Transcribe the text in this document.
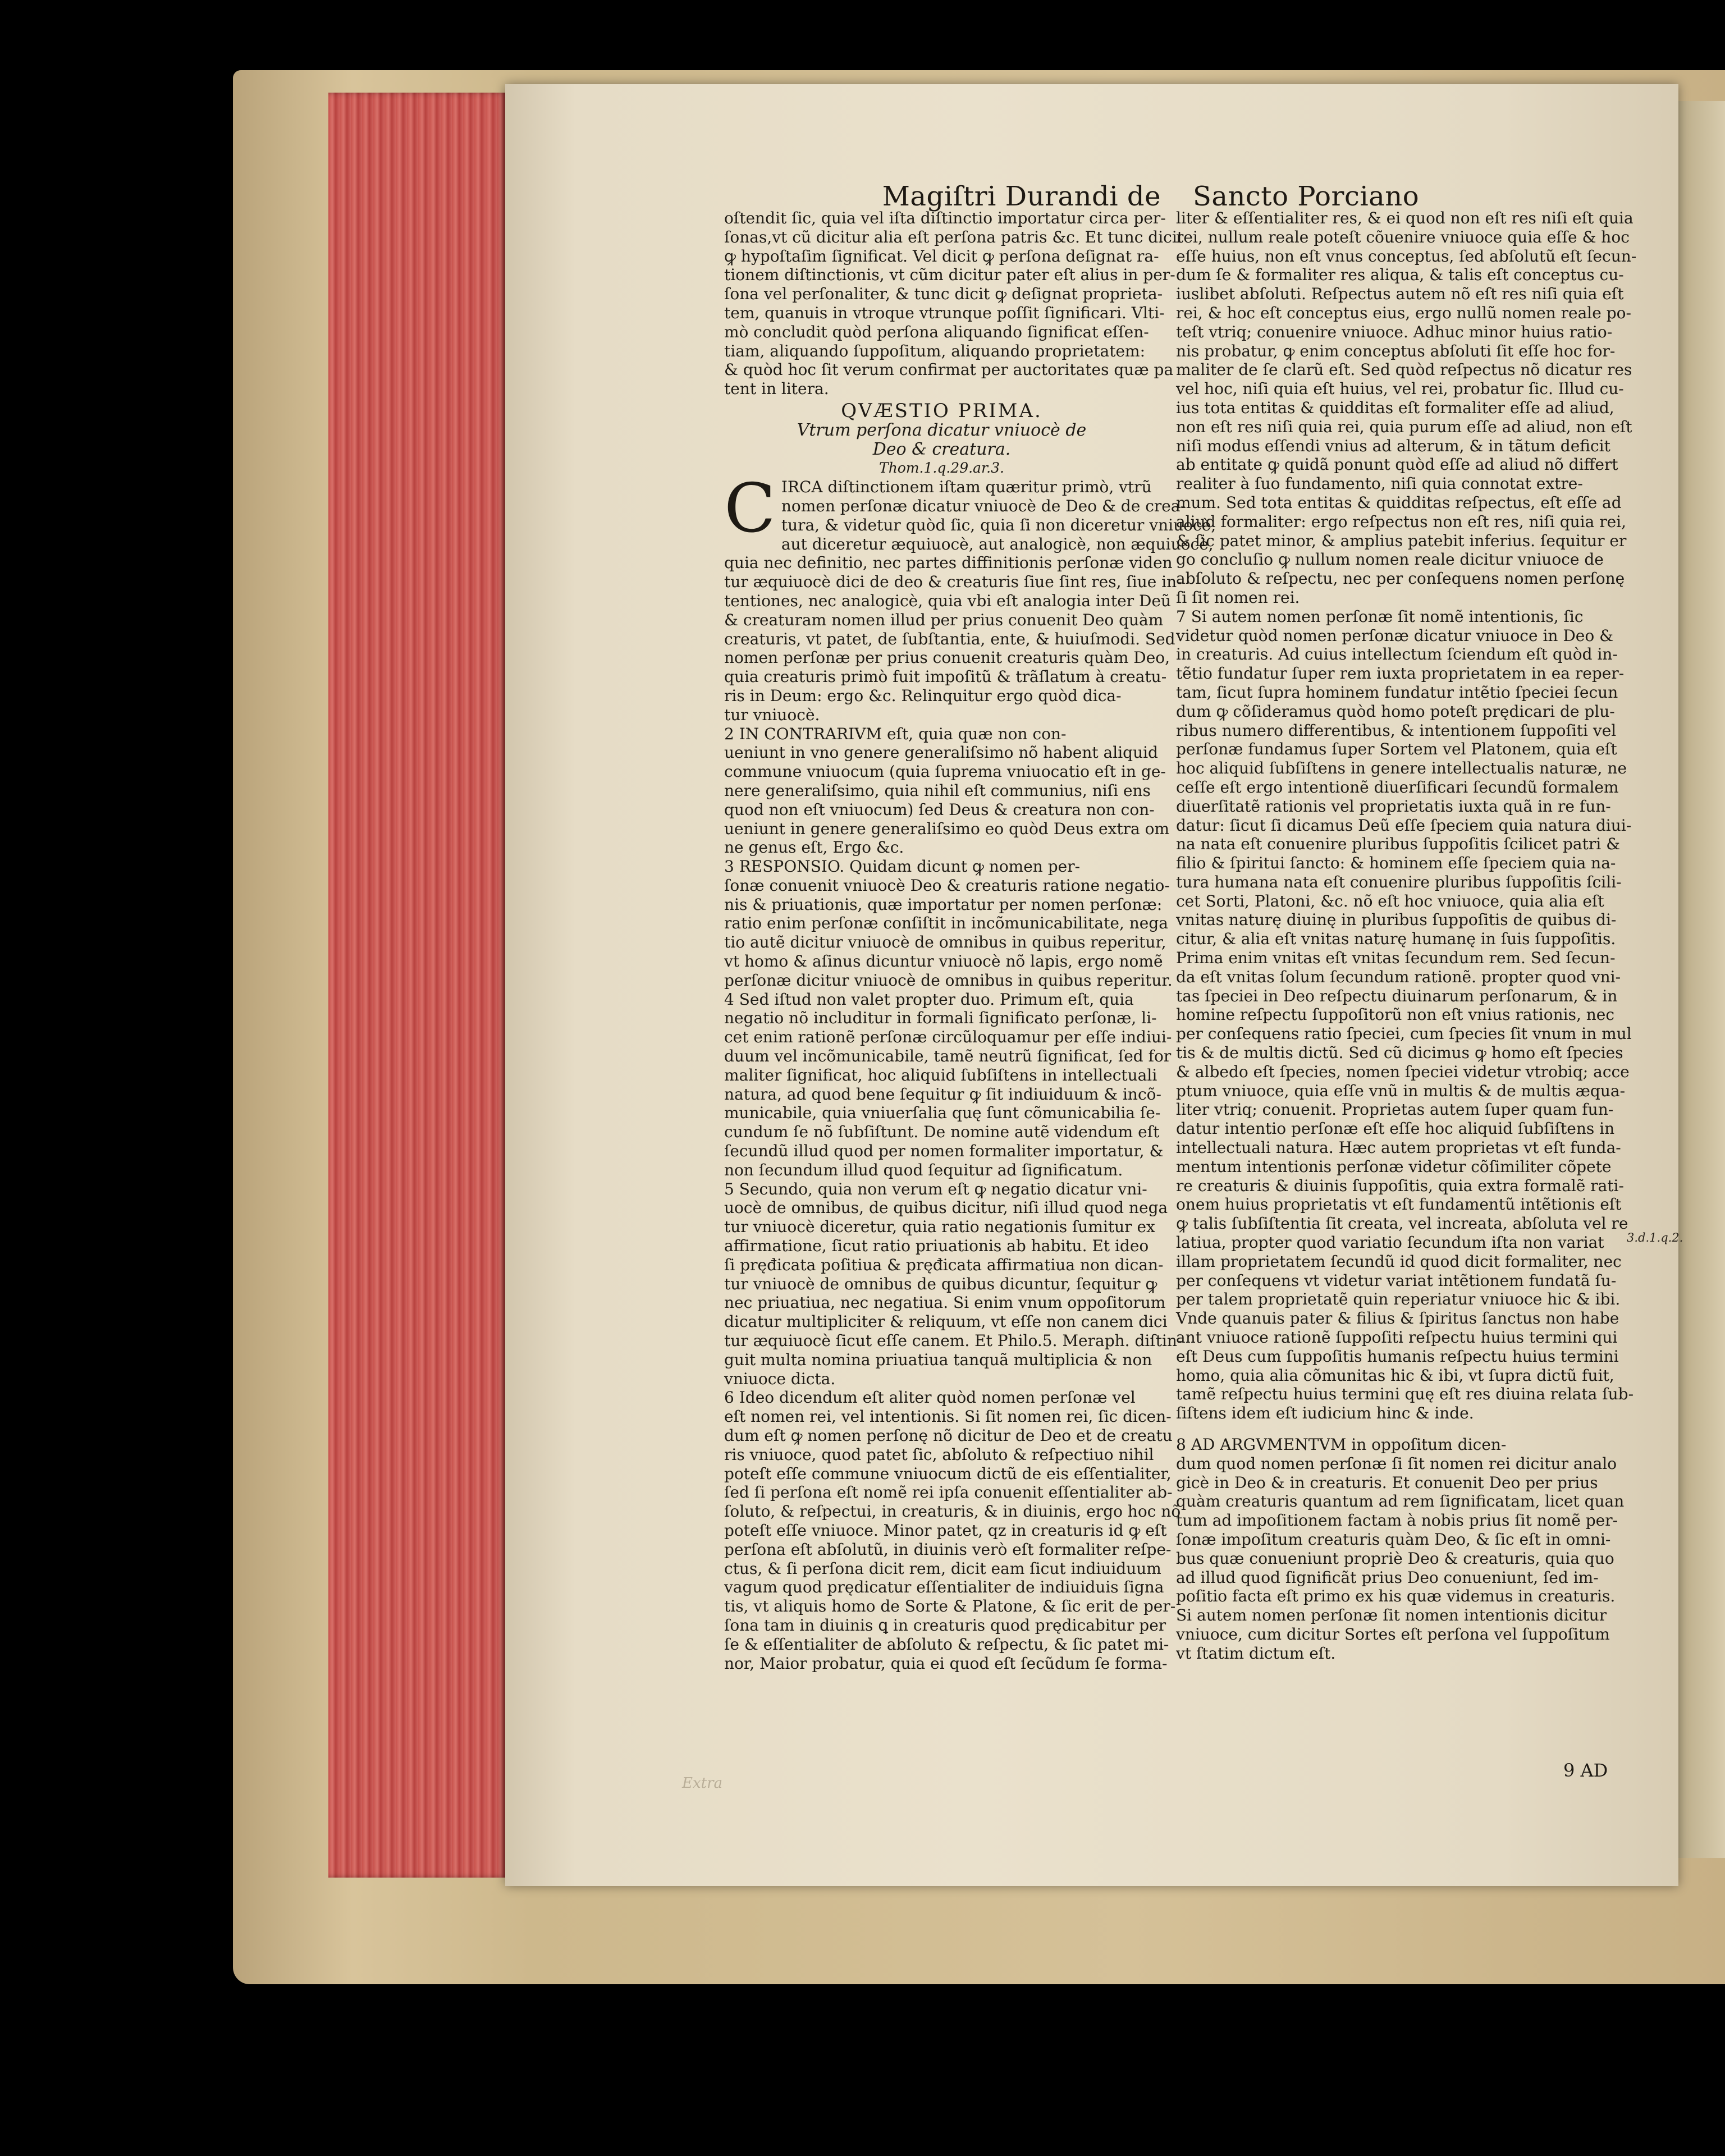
Magiſtri Durandi de Sancto Porciano
oſtendit ſic, quia vel iſta diſtinctio importatur circa per-
ſonas,vt cũ dicitur alia eſt perſona patris &c. Et tunc dicit
ꝙ hypoſtaſim ſignificat. Vel dicit ꝙ perſona deſignat ra-
tionem diſtinctionis, vt cũm dicitur pater eſt alius in per-
ſona vel perſonaliter, & tunc dicit ꝙ deſignat proprieta-
tem, quanuis in vtroque vtrunque poſſit ſignificari. Vlti-
mò concludit quòd perſona aliquando ſignificat eſſen-
tiam, aliquando ſuppoſitum, aliquando proprietatem:
& quòd hoc ſit verum confirmat per auctoritates quæ pa
tent in litera.
QVÆSTIO PRIMA.
Vtrum perſona dicatur vniuocè de
Deo & creatura.
Thom.1.q.29.ar.3.
C IRCA diſtinctionem iſtam quæritur primò, vtrũ
nomen perſonæ dicatur vniuocè de Deo & de crea-
tura, & videtur quòd ſic, quia ſi non diceretur vniuocè,
aut diceretur æquiuocè, aut analogicè, non æquiuocè,
quia nec definitio, nec partes diffinitionis perſonæ viden
tur æquiuocè dici de deo & creaturis ſiue ſint res, ſiue in-
tentiones, nec analogicè, quia vbi eſt analogia inter Deũ
& creaturam nomen illud per prius conuenit Deo quàm
creaturis, vt patet, de ſubſtantia, ente, & huiuſmodi. Sed
nomen perſonæ per prius conuenit creaturis quàm Deo,
quia creaturis primò fuit impoſitũ & trãſlatum à creatu-
ris in Deum: ergo &c. Relinquitur ergo quòd dica-
tur vniuocè.
2 IN CONTRARIVM eſt, quia quæ non con-
ueniunt in vno genere generaliſsimo nõ habent aliquid
commune vniuocum (quia ſuprema vniuocatio eſt in ge-
nere generaliſsimo, quia nihil eſt communius, niſi ens
quod non eſt vniuocum) ſed Deus & creatura non con-
ueniunt in genere generaliſsimo eo quòd Deus extra om
ne genus eſt, Ergo &c.
3 RESPONSIO. Quidam dicunt ꝙ nomen per-
ſonæ conuenit vniuocè Deo & creaturis ratione negatio-
nis & priuationis, quæ importatur per nomen perſonæ:
ratio enim perſonæ conſiſtit in incõmunicabilitate, nega
tio autẽ dicitur vniuocè de omnibus in quibus reperitur,
vt homo & aſinus dicuntur vniuocè nõ lapis, ergo nomẽ
perſonæ dicitur vniuocè de omnibus in quibus reperitur.
4 Sed iſtud non valet propter duo. Primum eſt, quia
negatio nõ includitur in formali ſignificato perſonæ, li-
cet enim rationẽ perſonæ circũloquamur per eſſe indiui-
duum vel incõmunicabile, tamẽ neutrũ ſignificat, ſed for
maliter ſignificat, hoc aliquid ſubſiſtens in intellectuali
natura, ad quod bene ſequitur ꝙ ſit indiuiduum & incõ-
municabile, quia vniuerſalia quę ſunt cõmunicabilia ſe-
cundum ſe nõ ſubſiſtunt. De nomine autẽ videndum eſt
ſecundũ illud quod per nomen formaliter importatur, &
non ſecundum illud quod ſequitur ad ſignificatum.
5 Secundo, quia non verum eſt ꝙ negatio dicatur vni-
uocè de omnibus, de quibus dicitur, niſi illud quod nega
tur vniuocè diceretur, quia ratio negationis ſumitur ex
affirmatione, ſicut ratio priuationis ab habitu. Et ideo
ſi pręđicata poſitiua & pręđicata affirmatiua non dican-
tur vniuocè de omnibus de quibus dicuntur, ſequitur ꝙ
nec priuatiua, nec negatiua. Si enim vnum oppoſitorum
dicatur multipliciter & reliquum, vt eſſe non canem dici
tur æquiuocè ſicut eſſe canem. Et Philo.5. Meraph. diſtin-
guit multa nomina priuatiua tanquã multiplicia & non
vniuoce dicta.
6 Ideo dicendum eſt aliter quòd nomen perſonæ vel
eſt nomen rei, vel intentionis. Si ſit nomen rei, ſic dicen-
dum eſt ꝙ nomen perſonę nõ dicitur de Deo et de creatu
ris vniuoce, quod patet ſic, abſoluto & reſpectiuo nihil
poteſt eſſe commune vniuocum dictũ de eis eſſentialiter,
ſed ſi perſona eſt nomẽ rei ipſa conuenit eſſentialiter ab-
ſoluto, & reſpectui, in creaturis, & in diuinis, ergo hoc nõ
poteſt eſſe vniuoce. Minor patet, qz in creaturis id ꝙ eſt
perſona eſt abſolutũ, in diuinis verò eſt formaliter reſpe-
ctus, & ſi perſona dicit rem, dicit eam ſicut indiuiduum
vagum quod prędicatur eſſentialiter de indiuiduis ſigna
tis, vt aliquis homo de Sorte & Platone, & ſic erit de per-
ſona tam in diuinis ꝗ in creaturis quod prędicabitur per
ſe & eſſentialiter de abſoluto & reſpectu, & ſic patet mi-
nor, Maior probatur, quia ei quod eſt ſecũdum ſe forma-
liter & eſſentialiter res, & ei quod non eſt res niſi eſt quia
rei, nullum reale poteſt cõuenire vniuoce quia eſſe & hoc
eſſe huius, non eſt vnus conceptus, ſed abſolutũ eſt ſecun-
dum ſe & formaliter res aliqua, & talis eſt conceptus cu-
iuslibet abſoluti. Reſpectus autem nõ eſt res niſi quia eſt
rei, & hoc eſt conceptus eius, ergo nullũ nomen reale po-
teſt vtriq; conuenire vniuoce. Adhuc minor huius ratio-
nis probatur, ꝙ enim conceptus abſoluti ſit eſſe hoc for-
maliter de ſe clarũ eſt. Sed quòd reſpectus nõ dicatur res
vel hoc, niſi quia eſt huius, vel rei, probatur ſic. Illud cu-
ius tota entitas & quidditas eſt formaliter eſſe ad aliud,
non eſt res niſi quia rei, quia purum eſſe ad aliud, non eſt
niſi modus eſſendi vnius ad alterum, & in tãtum deficit
ab entitate ꝙ quidã ponunt quòd eſſe ad aliud nõ differt
realiter à ſuo fundamento, niſi quia connotat extre-
mum. Sed tota entitas & quidditas reſpectus, eſt eſſe ad
aliud formaliter: ergo reſpectus non eſt res, niſi quia rei,
& ſic patet minor, & amplius patebit inferius. ſequitur er
go concluſio ꝙ nullum nomen reale dicitur vniuoce de
abſoluto & reſpectu, nec per conſequens nomen perſonę
ſi ſit nomen rei.
7 Si autem nomen perſonæ ſit nomẽ intentionis, ſic
videtur quòd nomen perſonæ dicatur vniuoce in Deo &
in creaturis. Ad cuius intellectum ſciendum eſt quòd in-
tẽtio fundatur ſuper rem iuxta proprietatem in ea reper-
tam, ſicut ſupra hominem fundatur intẽtio ſpeciei ſecun
dum ꝙ cõſideramus quòd homo poteſt prędicari de plu-
ribus numero differentibus, & intentionem ſuppoſiti vel
perſonæ fundamus ſuper Sortem vel Platonem, quia eſt
hoc aliquid ſubſiſtens in genere intellectualis naturæ, ne
ceſſe eſt ergo intentionẽ diuerſificari ſecundũ formalem
diuerſitatẽ rationis vel proprietatis iuxta quã in re fun-
datur: ſicut ſi dicamus Deũ eſſe ſpeciem quia natura diui-
na nata eſt conuenire pluribus ſuppoſitis ſcilicet patri &
filio & ſpiritui ſancto: & hominem eſſe ſpeciem quia na-
tura humana nata eſt conuenire pluribus ſuppoſitis ſcili-
cet Sorti, Platoni, &c. nõ eſt hoc vniuoce, quia alia eſt
vnitas naturę diuinę in pluribus ſuppoſitis de quibus di-
citur, & alia eſt vnitas naturę humanę in ſuis ſuppoſitis.
Prima enim vnitas eſt vnitas ſecundum rem. Sed ſecun-
da eſt vnitas ſolum ſecundum rationẽ. propter quod vni-
tas ſpeciei in Deo reſpectu diuinarum perſonarum, & in
homine reſpectu ſuppoſitorũ non eſt vnius rationis, nec
per conſequens ratio ſpeciei, cum ſpecies ſit vnum in mul
tis & de multis dictũ. Sed cũ dicimus ꝙ homo eſt ſpecies
& albedo eſt ſpecies, nomen ſpeciei videtur vtrobiq; acce
ptum vniuoce, quia eſſe vnũ in multis & de multis æqua-
liter vtriq; conuenit. Proprietas autem ſuper quam fun-
datur intentio perſonæ eſt eſſe hoc aliquid ſubſiſtens in
intellectuali natura. Hæc autem proprietas vt eſt funda-
mentum intentionis perſonæ videtur cõſimiliter cõpete
re creaturis & diuinis ſuppoſitis, quia extra formalẽ rati-
onem huius proprietatis vt eſt fundamentũ intẽtionis eſt
ꝙ talis ſubſiſtentia ſit creata, vel increata, abſoluta vel re
latiua, propter quod variatio ſecundum iſta non variat
illam proprietatem ſecundũ id quod dicit formaliter, nec
per conſequens vt videtur variat intẽtionem fundatã ſu-
per talem proprietatẽ quin reperiatur vniuoce hic & ibi.
Vnde quanuis pater & filius & ſpiritus ſanctus non habe
ant vniuoce rationẽ ſuppoſiti reſpectu huius termini qui
eſt Deus cum ſuppoſitis humanis reſpectu huius termini
homo, quia alia cõmunitas hic & ibi, vt ſupra dictũ fuit,
tamẽ reſpectu huius termini quę eſt res diuina relata ſub-
ſiſtens idem eſt iudicium hinc & inde.
8 AD ARGVMENTVM in oppoſitum dicen-
dum quod nomen perſonæ ſi ſit nomen rei dicitur analo
gicè in Deo & in creaturis. Et conuenit Deo per prius
quàm creaturis quantum ad rem ſignificatam, licet quan
tum ad impoſitionem factam à nobis prius ſit nomẽ per-
ſonæ impoſitum creaturis quàm Deo, & ſic eſt in omni-
bus quæ conueniunt propriè Deo & creaturis, quia quo
ad illud quod ſignificãt prius Deo conueniunt, ſed im-
poſitio facta eſt primo ex his quæ videmus in creaturis.
Si autem nomen perſonæ ſit nomen intentionis dicitur
vniuoce, cum dicitur Sortes eſt perſona vel ſuppoſitum
vt ſtatim dictum eſt.
3.d.1.q.2.
9 AD
Extra
